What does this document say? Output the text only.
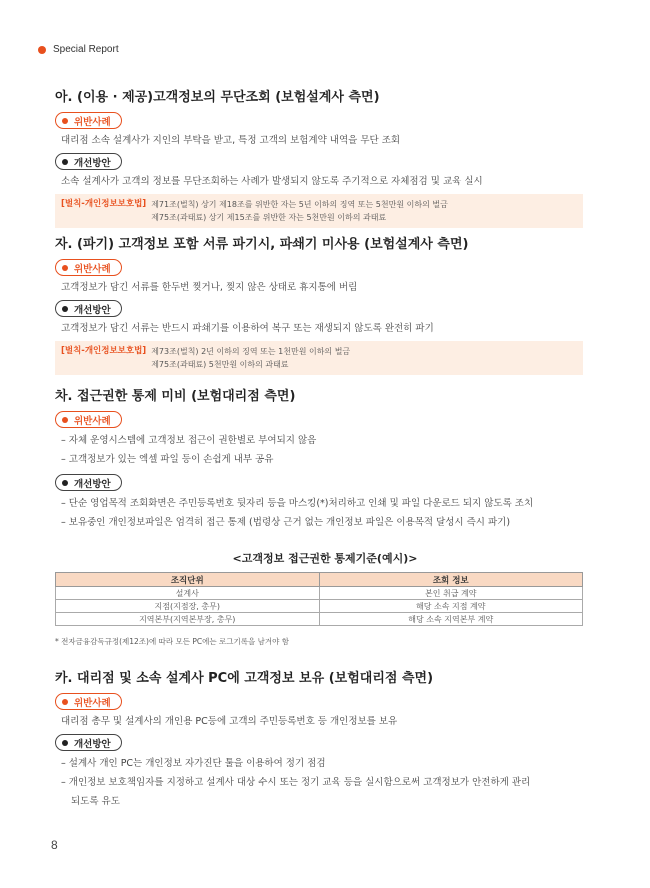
Special Report
아. (이용 · 제공)고객정보의 무단조회 (보험설계사 측면)
위반사례
대리점 소속 설계사가 지인의 부탁을 받고, 특정 고객의 보험계약 내역을 무단 조회
개선방안
소속 설계사가 고객의 정보를 무단조회하는 사례가 발생되지 않도록 주기적으로 자체점검 및 교육 실시
[벌칙-개인정보보호법] 제71조(벌칙) 상기 제18조를 위반한 자는 5년 이하의 징역 또는 5천만원 이하의 벌금
제75조(과태료) 상기 제15조를 위반한 자는 5천만원 이하의 과태료
자. (파기) 고객정보 포함 서류 파기시, 파쇄기 미사용 (보험설계사 측면)
위반사례
고객정보가 담긴 서류를 한두번 찢거나, 찢지 않은 상태로 휴지통에 버림
개선방안
고객정보가 담긴 서류는 반드시 파쇄기를 이용하여 복구 또는 재생되지 않도록 완전히 파기
[벌칙-개인정보보호법] 제73조(벌칙) 2년 이하의 징역 또는 1천만원 이하의 벌금
제75조(과태료) 5천만원 이하의 과태료
차. 접근권한 통제 미비 (보험대리점 측면)
위반사례
– 자체 운영시스템에 고객정보 접근이 권한별로 부여되지 않음
– 고객정보가 있는 엑셀 파일 등이 손쉽게 내부 공유
개선방안
– 단순 영업목적 조회화면은 주민등록번호 뒷자리 등을 마스킹(*)처리하고 인쇄 및 파일 다운로드 되지 않도록 조치
– 보유중인 개인정보파일은 엄격히 접근 통제 (법령상 근거 없는 개인정보 파일은 이용목적 달성시 즉시 파기)
<고객정보 접근권한 통제기준(예시)>
조직단위	조회 정보
설계사	본인 취급 계약
지점(지점장, 총무)	해당 소속 지점 계약
지역본부(지역본부장, 총무)	해당 소속 지역본부 계약
* 전자금융감독규정(제12조)에 따라 모든 PC에는 로그기록을 남겨야 함
카. 대리점 및 소속 설계사 PC에 고객정보 보유 (보험대리점 측면)
위반사례
대리점 총무 및 설계사의 개인용 PC등에 고객의 주민등록번호 등 개인정보를 보유
개선방안
– 설계사 개인 PC는 개인정보 자가진단 툴을 이용하여 정기 점검
– 개인정보 보호책임자를 지정하고 설계사 대상 수시 또는 정기 교육 등을 실시함으로써 고객정보가 안전하게 관리
되도록 유도
8
